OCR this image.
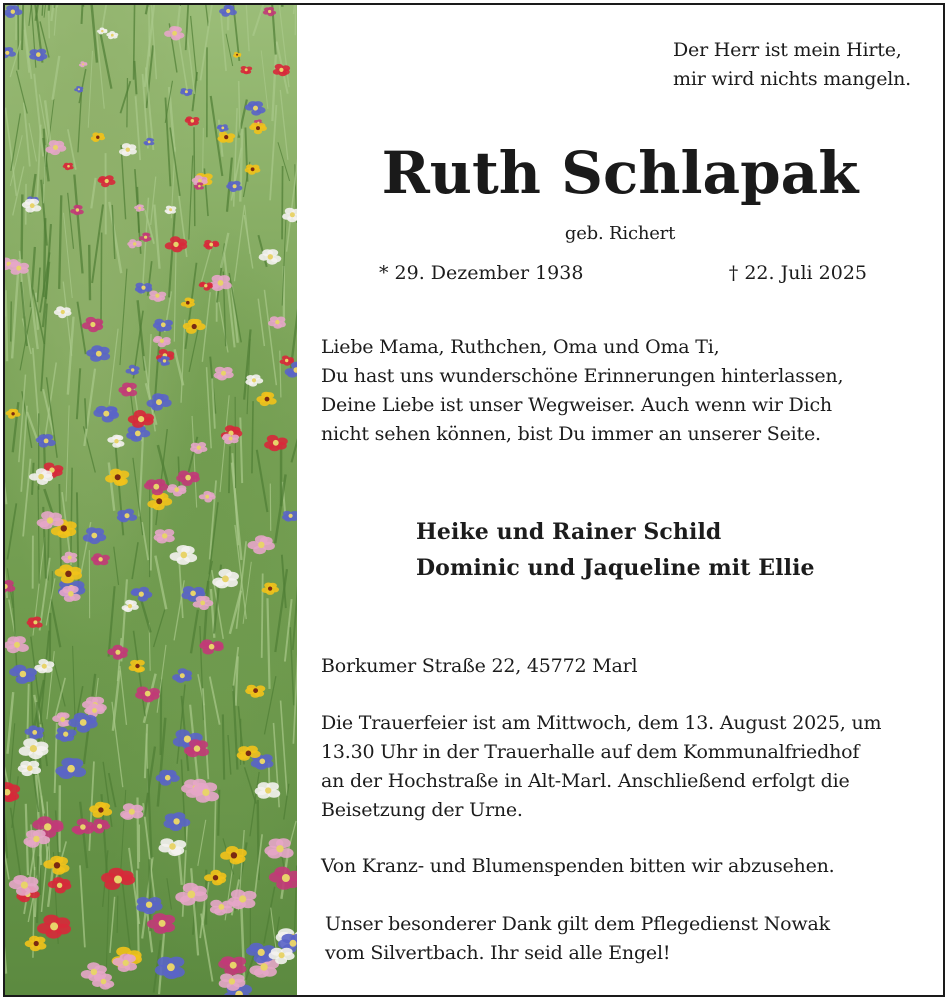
Der Herr ist mein Hirte,
mir wird nichts mangeln.
Ruth Schlapak
geb. Richert
* 29. Dezember 1938	† 22. Juli 2025
Liebe Mama, Ruthchen, Oma und Oma Ti,
Du hast uns wunderschöne Erinnerungen hinterlassen,
Deine Liebe ist unser Wegweiser. Auch wenn wir Dich
nicht sehen können, bist Du immer an unserer Seite.
Heike und Rainer Schild
Dominic und Jaqueline mit Ellie
Borkumer Straße 22, 45772 Marl
Die Trauerfeier ist am Mittwoch, dem 13. August 2025, um
13.30 Uhr in der Trauerhalle auf dem Kommunalfriedhof
an der Hochstraße in Alt-Marl. Anschließend erfolgt die
Beisetzung der Urne.
Von Kranz- und Blumenspenden bitten wir abzusehen.
Unser besonderer Dank gilt dem Pflegedienst Nowak
vom Silvertbach. Ihr seid alle Engel!
